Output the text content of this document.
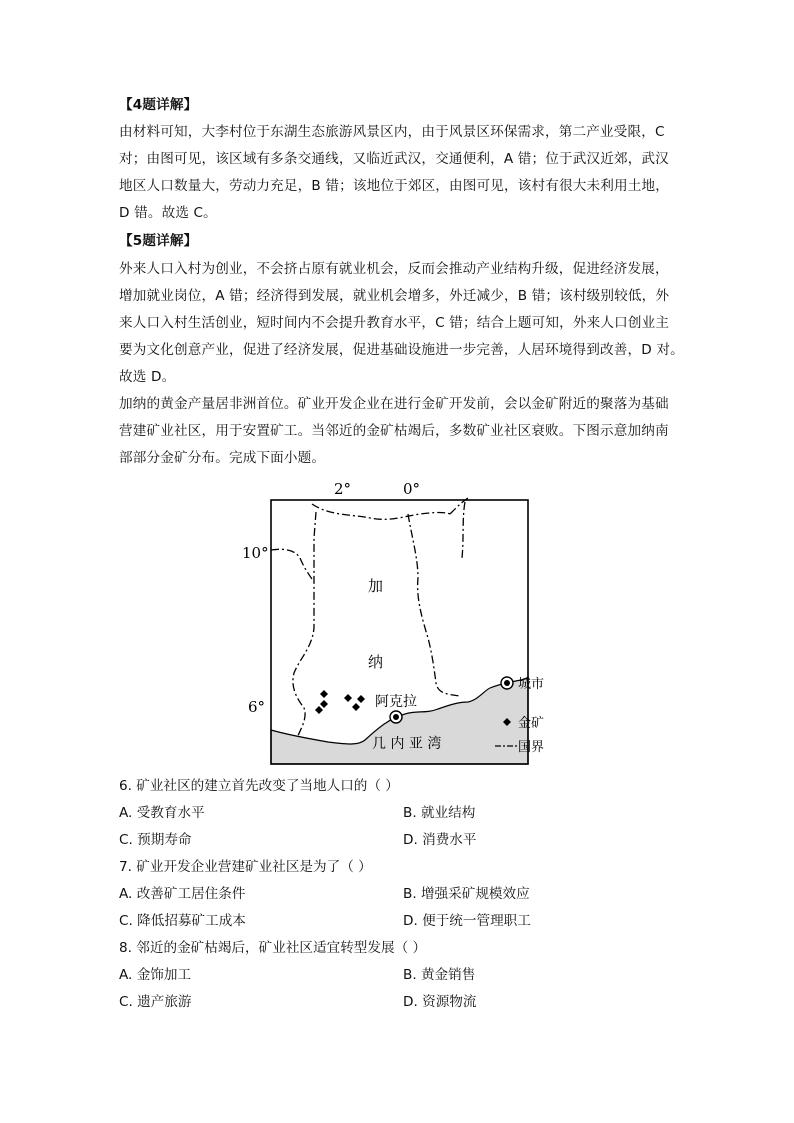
【4题详解】
由材料可知，大李村位于东湖生态旅游风景区内，由于风景区环保需求，第二产业受限，C
对；由图可见，该区域有多条交通线，又临近武汉，交通便利，A 错；位于武汉近郊，武汉
地区人口数量大，劳动力充足，B 错；该地位于郊区，由图可见，该村有很大未利用土地，
D 错。故选 C。
【5题详解】
外来人口入村为创业，不会挤占原有就业机会，反而会推动产业结构升级，促进经济发展，
增加就业岗位，A 错；经济得到发展，就业机会增多，外迁减少，B 错；该村级别较低，外
来人口入村生活创业，短时间内不会提升教育水平，C 错；结合上题可知，外来人口创业主
要为文化创意产业，促进了经济发展，促进基础设施进一步完善，人居环境得到改善，D 对。
故选 D。
加纳的黄金产量居非洲首位。矿业开发企业在进行金矿开发前，会以金矿附近的聚落为基础
营建矿业社区，用于安置矿工。当邻近的金矿枯竭后，多数矿业社区衰败。下图示意加纳南
部部分金矿分布。完成下面小题。
2°	0°
10°
6°
加
纳
阿克拉
几 内 亚 湾
城市
金矿
国界
6. 矿业社区的建立首先改变了当地人口的（ ）
A. 受教育水平	B. 就业结构
C. 预期寿命	D. 消费水平
7. 矿业开发企业营建矿业社区是为了（ ）
A. 改善矿工居住条件	B. 增强采矿规模效应
C. 降低招募矿工成本	D. 便于统一管理职工
8. 邻近的金矿枯竭后，矿业社区适宜转型发展（ ）
A. 金饰加工	B. 黄金销售
C. 遗产旅游	D. 资源物流
